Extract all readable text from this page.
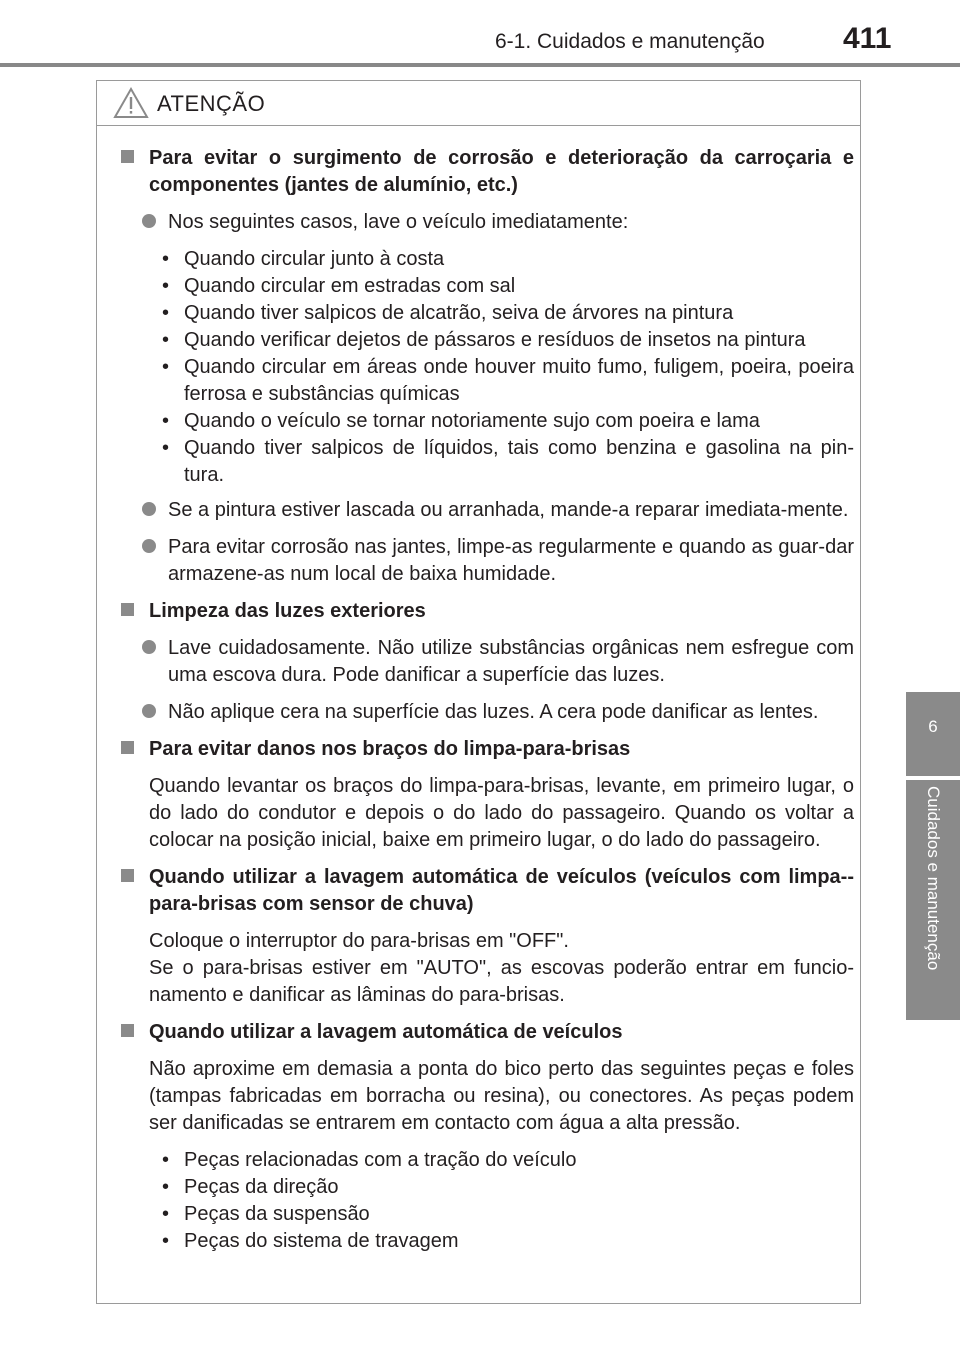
6-1. Cuidados e manutenção	411
6
Cuidados e manutenção
ATENÇÃO

Para evitar o surgimento de corrosão e deterioração da carroçaria e componentes (jantes de alumínio, etc.)

Nos seguintes casos, lave o veículo imediatamente:

•Quando circular junto à costa
•Quando circular em estradas com sal
•Quando tiver salpicos de alcatrão, seiva de árvores na pintura
•Quando verificar dejetos de pássaros e resíduos de insetos na pintura
•Quando circular em áreas onde houver muito fumo, fuligem, poeira, poeira ferrosa e substâncias químicas
•Quando o veículo se tornar notoriamente sujo com poeira e lama
•Quando tiver salpicos de líquidos, tais como benzina e gasolina na pin-tura.

Se a pintura estiver lascada ou arranhada, mande-a reparar imediata-mente.

Para evitar corrosão nas jantes, limpe-as regularmente e quando as guar-dar armazene-as num local de baixa humidade.

Limpeza das luzes exteriores

Lave cuidadosamente. Não utilize substâncias orgânicas nem esfregue com uma escova dura. Pode danificar a superfície das luzes.

Não aplique cera na superfície das luzes. A cera pode danificar as lentes.

Para evitar danos nos braços do limpa-para-brisas

Quando levantar os braços do limpa-para-brisas, levante, em primeiro lugar, o do lado do condutor e depois o do lado do passageiro. Quando os voltar a colocar na posição inicial, baixe em primeiro lugar, o do lado do passageiro.

Quando utilizar a lavagem automática de veículos (veículos com limpa--para-brisas com sensor de chuva)

Coloque o interruptor do para-brisas em "OFF".

Se o para-brisas estiver em "AUTO", as escovas poderão entrar em funcio-namento e danificar as lâminas do para-brisas.

Quando utilizar a lavagem automática de veículos

Não aproxime em demasia a ponta do bico perto das seguintes peças e foles (tampas fabricadas em borracha ou resina), ou conectores. As peças podem ser danificadas se entrarem em contacto com água a alta pressão.

•Peças relacionadas com a tração do veículo
•Peças da direção
•Peças da suspensão
•Peças do sistema de travagem
